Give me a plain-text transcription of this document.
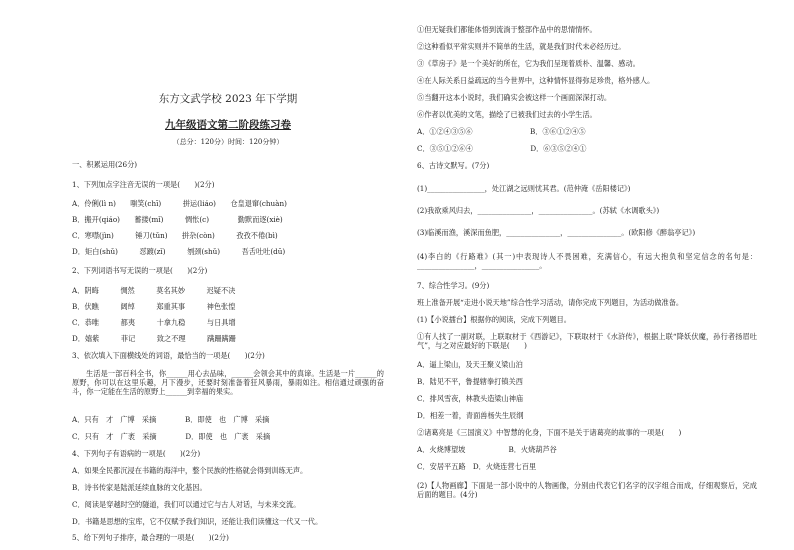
东方文武学校 2023 年下学期
九年级语文第二阶段练习卷
（总分：120分）时间：120分钟）
一、积累运用(26分)
1、下列加点字注音无误的一项是(　　)(2分)
A．伶俐(lì n)　　嗤笑(chī)　　　拼运(liáo)　　仓皇退窜(chuàn)
B．搬开(qiáo)　　蓄搂(mǐ)　　　惆怅(c)　　　　勤默而逐(xiè)
C．寒噤(jìn)　　　锤刀(tǔn)　　拼杂(còn)　　　孜孜不倦(bì)
D．矩白(shǔ)　　　怼踱(zǐ)　　　刎颈(shǔ)　　　吾舌吐吐(dū)
2、下列词语书写无误的一项是(　　)(2分)
A．阴晦　　　惆然　　　莫名其妙　　　迟疑不决
B．伏瞧　　　阔绰　　　郑重其事　　　神色张惶
C．恭唯　　　都夷　　　十拿九稳　　　与日具增
D．嬉紫　　　菲记　　　致之不理　　　蹒跚蹒跚
3、依次填入下面横线处的词语，最恰当的一项是(　　)(2分)
生活是一部百科全书，你______用心去品味，______会领会其中的真谛。生活是一片______的原野，你可以在这里乐趣，月下漫步，还要时刻准备着狂风暴雨，暴雨如注。相信通过顽强的奋斗，你一定能在生活的原野上______到幸福的果实。
A．只有　才　广博　采摘　　　　B．即使　也　广博　采摘
C．只有　才　广袤　采摘　　　　D．即使　也　广袤　采摘
4、下列句子有语病的一项是(　　)(2分)
A．如果全民都沉浸在书籍的海洋中，整个民族的性格就会得到训练无声。
B．诗书传家是陆派延续血脉的文化基因。
C．阅读是穿越时空的隧道，我们可以通过它与古人对话，与未来交流。
D．书籍是思想的宝库，它不仅赋予我们知识，还能让我们读懂这一代又一代。
5、给下列句子排序，最合理的一项是(　　)(2分)
①但无疑我们都能体悟到流淌于整部作品中的思情情怀。
②这种看似平常实则并不简单的生活，就是我们时代未必经历过。
③《草房子》是一个美好的所在，它为我们呈现着质朴、温馨、感动。
④在人际关系日益疏远的当今世界中，这种情怀显得弥足珍贵，格外感人。
⑤当翻开这本小说时，我们确实会被这样一个画面深深打动。
⑥作者以优美的文笔，描绘了已被我们过去的小学生活。
A．①②④③⑤⑥　　　　　　　　B．③⑥①②④⑤
C．③⑤①②⑥④　　　　　　　　D．⑥③⑤②④①
6、古诗文默写。(7分)
(1)________________，处江湖之远则忧其君。(范仲淹《岳阳楼记》)
(2)我欲乘风归去，_______________，_______________。(苏轼《水调歌头》)
(3)临溪而渔，溪深而鱼肥，_______________，_______________。(欧阳修《醉翁亭记》)
(4)李白的《行路难》(其一)中表现诗人不畏困难，充满信心，有远大抱负和坚定信念的名句是：________________，________________。
7、综合性学习。(9分)
班上准备开展“走进小说天地”综合性学习活动，请你完成下列题目，为活动做准备。
(1)【小说擂台】根据你的阅读，完成下列题目。
①有人找了一副对联，上联取材于《西游记》，下联取材于《水浒传》，根据上联“降妖伏魔，孙行者扬眉吐气”，与之对应最好的下联是(　　)
A．逼上梁山，及天王聚义梁山泊
B．陆见不平，鲁提辖拳打镇关西
C．排风雪夜，林教头造梁山神庙
D．相差一着，青面兽杨失生辰纲
②诸葛亮是《三国演义》中智慧的化身，下面不是关于诸葛亮的故事的一项是(　　)
A．火烧博望坡　　　　　　B．火烧葫芦谷
C．安居平五路　D．火烧连营七百里
(2)【人物画廊】下面是一部小说中的人物画像，分别由代表它们名字的汉字组合而成，仔细观察后，完成后面的题目。(4分)
